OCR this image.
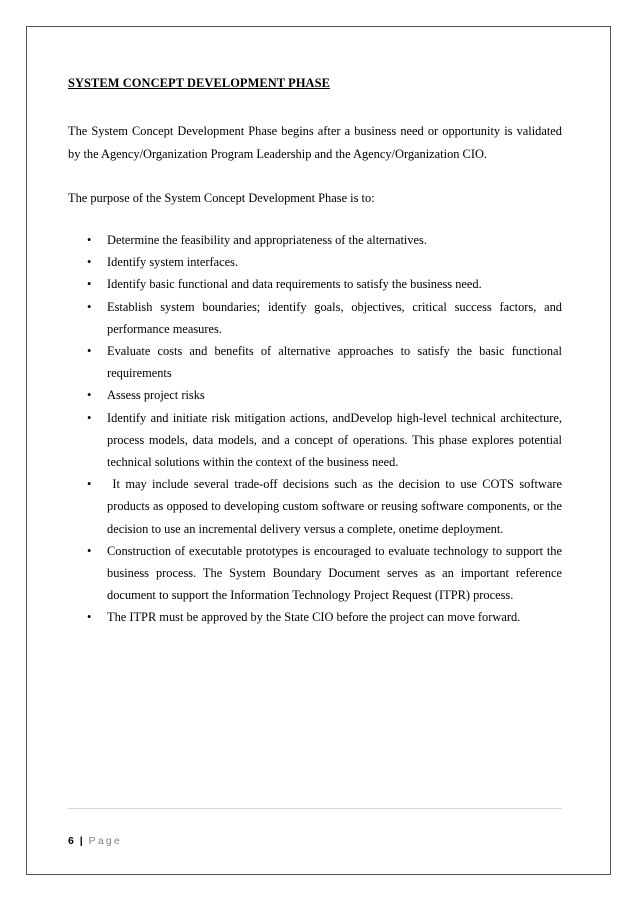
SYSTEM CONCEPT DEVELOPMENT PHASE
The System Concept Development Phase begins after a business need or opportunity is validated by the Agency/Organization Program Leadership and the Agency/Organization CIO.
The purpose of the System Concept Development Phase is to:
• Determine the feasibility and appropriateness of the alternatives.
• Identify system interfaces.
• Identify basic functional and data requirements to satisfy the business need.
• Establish system boundaries; identify goals, objectives, critical success factors, and performance measures.
• Evaluate costs and benefits of alternative approaches to satisfy the basic functional requirements
• Assess project risks
• Identify and initiate risk mitigation actions, andDevelop high-level technical architecture, process models, data models, and a concept of operations. This phase explores potential technical solutions within the context of the business need.
• It may include several trade-off decisions such as the decision to use COTS software products as opposed to developing custom software or reusing software components, or the decision to use an incremental delivery versus a complete, onetime deployment.
• Construction of executable prototypes is encouraged to evaluate technology to support the business process. The System Boundary Document serves as an important reference document to support the Information Technology Project Request (ITPR) process.
• The ITPR must be approved by the State CIO before the project can move forward.
6 | Page
